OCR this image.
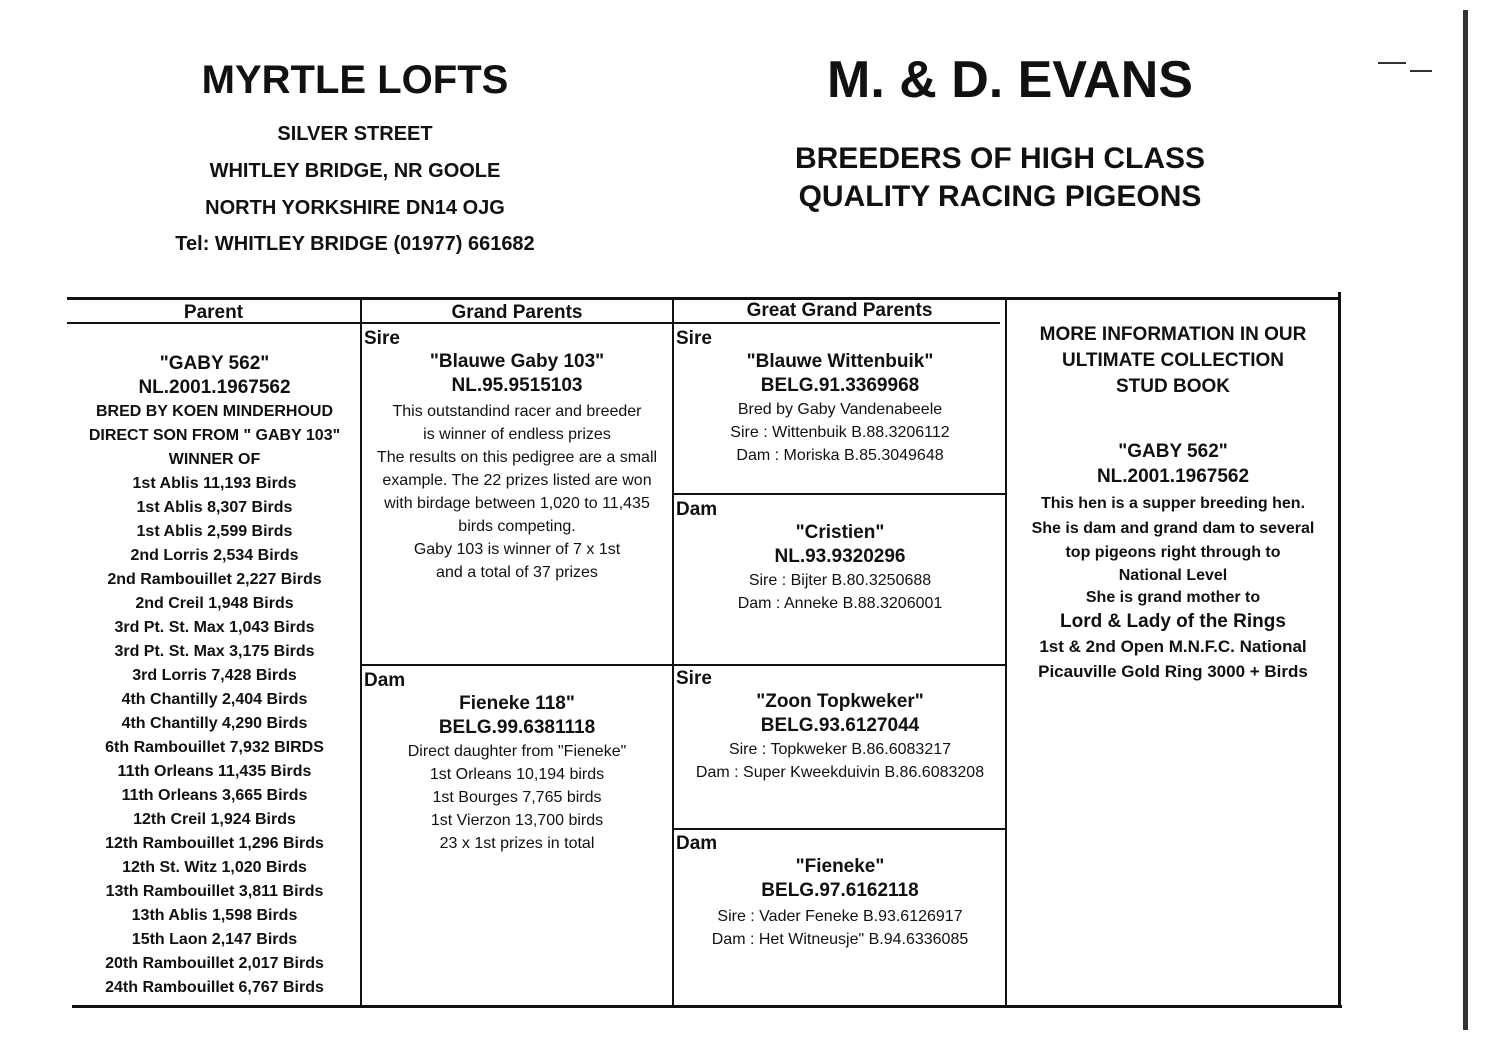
MYRTLE LOFTS
SILVER STREET
WHITLEY BRIDGE, NR GOOLE
NORTH YORKSHIRE DN14 OJG
Tel: WHITLEY BRIDGE (01977) 661682
M. & D. EVANS
BREEDERS OF HIGH CLASS
QUALITY RACING PIGEONS
Parent	Grand Parents	Great Grand Parents
"GABY 562"
NL.2001.1967562
BRED BY KOEN MINDERHOUD
DIRECT SON FROM " GABY 103"
WINNER OF
1st Ablis 11,193 Birds
1st Ablis 8,307 Birds
1st Ablis 2,599 Birds
2nd Lorris 2,534 Birds
2nd Rambouillet 2,227 Birds
2nd Creil 1,948 Birds
3rd Pt. St. Max 1,043 Birds
3rd Pt. St. Max 3,175 Birds
3rd Lorris 7,428 Birds
4th Chantilly 2,404 Birds
4th Chantilly 4,290 Birds
6th Rambouillet 7,932 BIRDS
11th Orleans 11,435 Birds
11th Orleans 3,665 Birds
12th Creil 1,924 Birds
12th Rambouillet 1,296 Birds
12th St. Witz 1,020 Birds
13th Rambouillet 3,811 Birds
13th Ablis 1,598 Birds
15th Laon 2,147 Birds
20th Rambouillet 2,017 Birds
24th Rambouillet 6,767 Birds
Sire
"Blauwe Gaby 103"
NL.95.9515103
This outstandind racer and breeder
is winner of endless prizes
The results on this pedigree are a small
example. The 22 prizes listed are won
with birdage between 1,020 to 11,435
birds competing.
Gaby 103 is winner of 7 x 1st
and a total of 37 prizes
Dam
Fieneke 118"
BELG.99.6381118
Direct daughter from "Fieneke"
1st Orleans 10,194 birds
1st Bourges 7,765 birds
1st Vierzon 13,700 birds
23 x 1st prizes in total
Sire
"Blauwe Wittenbuik"
BELG.91.3369968
Bred by Gaby Vandenabeele
Sire : Wittenbuik B.88.3206112
Dam : Moriska B.85.3049648
Dam
"Cristien"
NL.93.9320296
Sire : Bijter B.80.3250688
Dam : Anneke B.88.3206001
Sire
"Zoon Topkweker"
BELG.93.6127044
Sire : Topkweker B.86.6083217
Dam : Super Kweekduivin B.86.6083208
Dam
"Fieneke"
BELG.97.6162118
Sire : Vader Feneke B.93.6126917
Dam : Het Witneusje" B.94.6336085
MORE INFORMATION IN OUR
ULTIMATE COLLECTION
STUD BOOK
"GABY 562"
NL.2001.1967562
This hen is a supper breeding hen.
She is dam and grand dam to several
top pigeons right through to
National Level
She is grand mother to
Lord & Lady of the Rings
1st & 2nd Open M.N.F.C. National
Picauville Gold Ring 3000 + Birds
